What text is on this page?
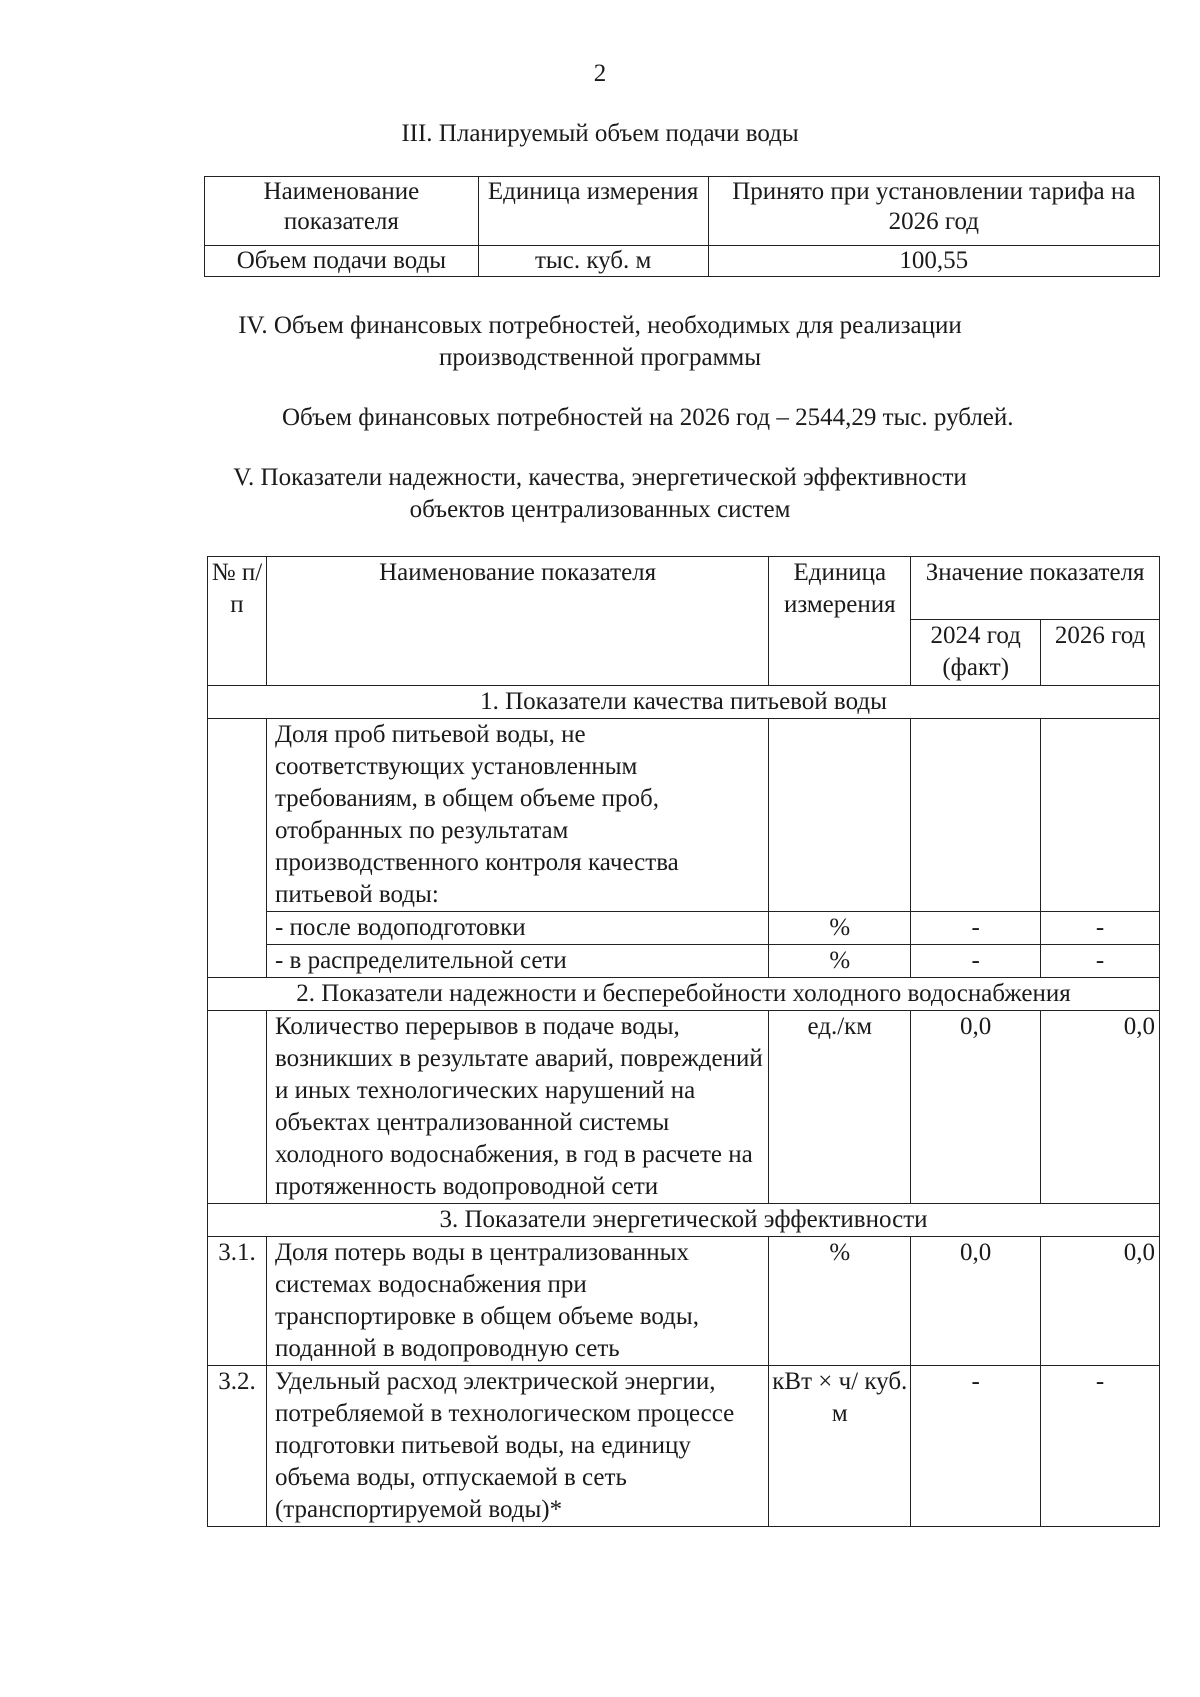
2
III. Планируемый объем подачи воды
Наименование показателя	Единица измерения	Принято при установлении тарифа на 2026 год
Объем подачи воды	тыс. куб. м	100,55
IV. Объем финансовых потребностей, необходимых для реализации
производственной программы
Объем финансовых потребностей на 2026 год – 2544,29 тыс. рублей.
V. Показатели надежности, качества, энергетической эффективности
объектов централизованных систем
№ п/п	Наименование показателя	Единица измерения	Значение показателя	
			2024 год (факт)	2026 год
1. Показатели качества питьевой воды				
	Доля проб питьевой воды, не соответствующих установленным требованиям, в общем объеме проб, отобранных по результатам производственного контроля качества питьевой воды:			
	- после водоподготовки	%	-	-
	- в распределительной сети	%	-	-
2. Показатели надежности и бесперебойности холодного водоснабжения				
	Количество перерывов в подаче воды, возникших в результате аварий, повреждений и иных технологических нарушений на объектах централизованной системы холодного водоснабжения, в год в расчете на протяженность водопроводной сети	ед./км	0,0	0,0
3. Показатели энергетической эффективности				
3.1.	Доля потерь воды в централизованных системах водоснабжения при транспортировке в общем объеме воды, поданной в водопроводную сеть	%	0,0	0,0
3.2.	Удельный расход электрической энергии, потребляемой в технологическом процессе подготовки питьевой воды, на единицу объема воды, отпускаемой в сеть (транспортируемой воды)*	кВт × ч/ куб. м	-	-
